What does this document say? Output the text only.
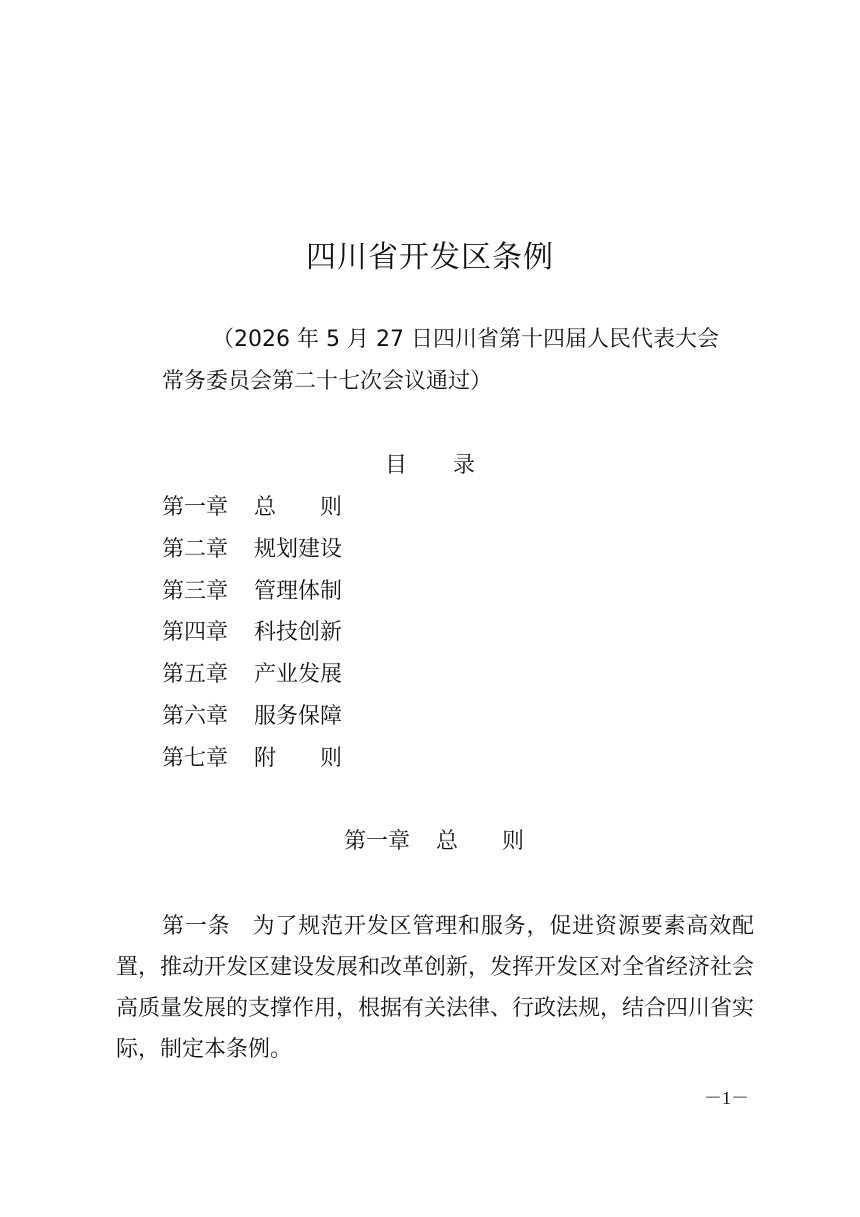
四川省开发区条例
（2026 年 5 月 27 日四川省第十四届人民代表大会
常务委员会第二十七次会议通过）
目 录
第一章 总　　则
第二章 规划建设
第三章 管理体制
第四章 科技创新
第五章 产业发展
第六章 服务保障
第七章 附　　则
第一章 总　　则

第一条 为了规范开发区管理和服务，促进资源要素高效配置，推动开发区建设发展和改革创新，发挥开发区对全省经济社会高质量发展的支撑作用，根据有关法律、行政法规，结合四川省实际，制定本条例。

－1－
